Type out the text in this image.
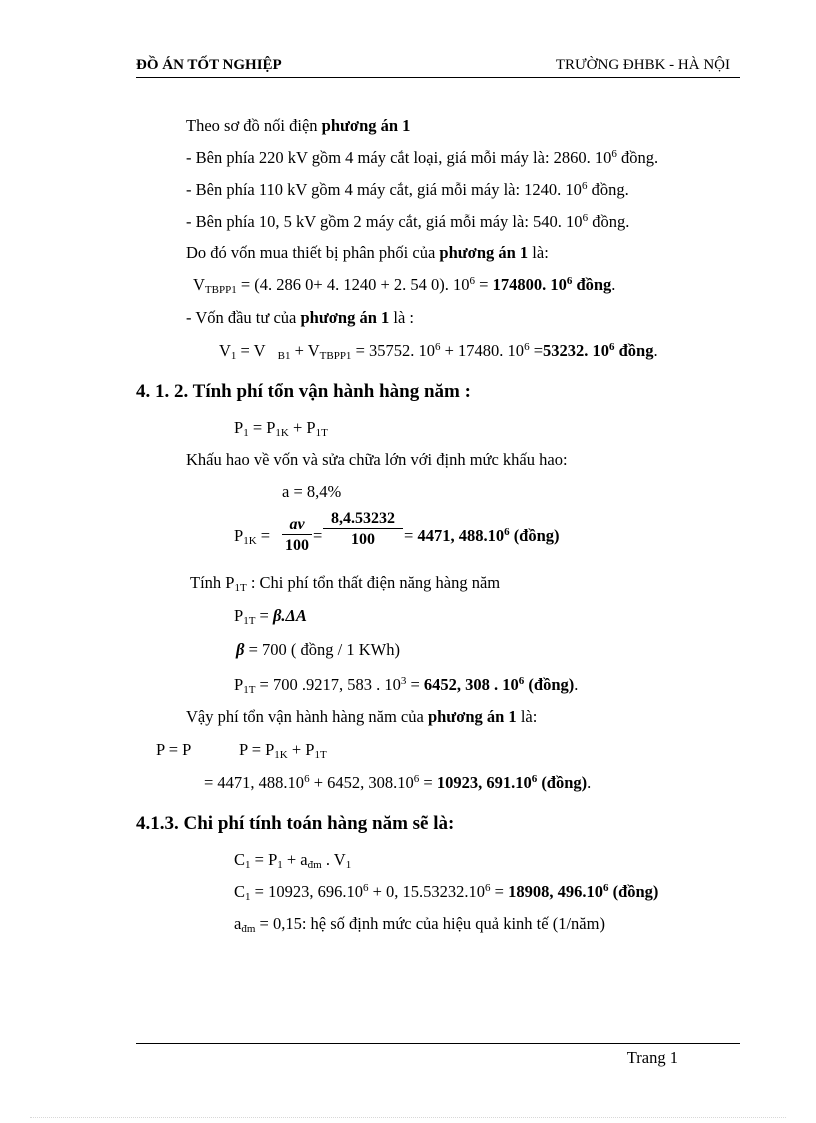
ĐỒ ÁN TỐT NGHIỆP	TRƯỜNG ĐHBK - HÀ NỘI
Theo sơ đồ nối điện phương án 1
- Bên phía 220 kV gồm 4 máy cắt loại, giá mỗi máy là: 2860. $10^6$ đồng.
- Bên phía 110 kV gồm 4 máy cắt, giá mỗi máy là: 1240. $10^6$ đồng.
- Bên phía 10, 5 kV gồm 2 máy cắt, giá mỗi máy là: 540. $10^6$ đồng.
Do đó vốn mua thiết bị phân phối của phương án 1 là:
$V_{TBPP1} = (4$. 286 0+ 4. 1240 + 2. 54 0). $10^6 = 174800$. $10^6$ đồng.
- Vốn đầu tư của phương án 1 là :
$V_1 = V$ $_{B1} + V_{TBPP1} = 35752$. $10^6 + 17480$. $10^6 =53232$. $10^6$ đồng.
4. 1. 2. Tính phí tổn vận hành hàng năm :
$P_1 = P_{1K} + P_{1T}$
Khấu hao về vốn và sửa chữa lớn với định mức khấu hao:
a = 8,4%
$P_{1K} = \frac{av}{100} = \frac{8,4.53232}{100} = 4471$, 488.10$^6$ (đồng)
Tính $P_{1T}$ : Chi phí tổn thất điện năng hàng năm
$P_{1T} = \beta.\Delta A$
β = 700 ( đồng / 1 KWh)
$P_{1T} = 700$ .9217, 583 . $10^3 = 6452$, 308 . $10^6$ (đồng).
Vậy phí tổn vận hành hàng năm của phương án 1 là:
P = P	$P = P_{1K} + P_{1T}$
= 4471, $488.10^6 + 6452$, $308.10^6 = 10923$, 691.10$^6$ (đồng).
4.1.3. Chi phí tính toán hàng năm sẽ là:
$C_1 = P_1 + a_{đm}$ . $V_1$
$C_1 = 10923$, $696.10^6 + 0$, $15.53232.10^6 = 18908$, 496.10$^6$ (đồng)
$a_{đm} = 0,15$: hệ số định mức của hiệu quả kinh tế (1/năm)
Trang 1
